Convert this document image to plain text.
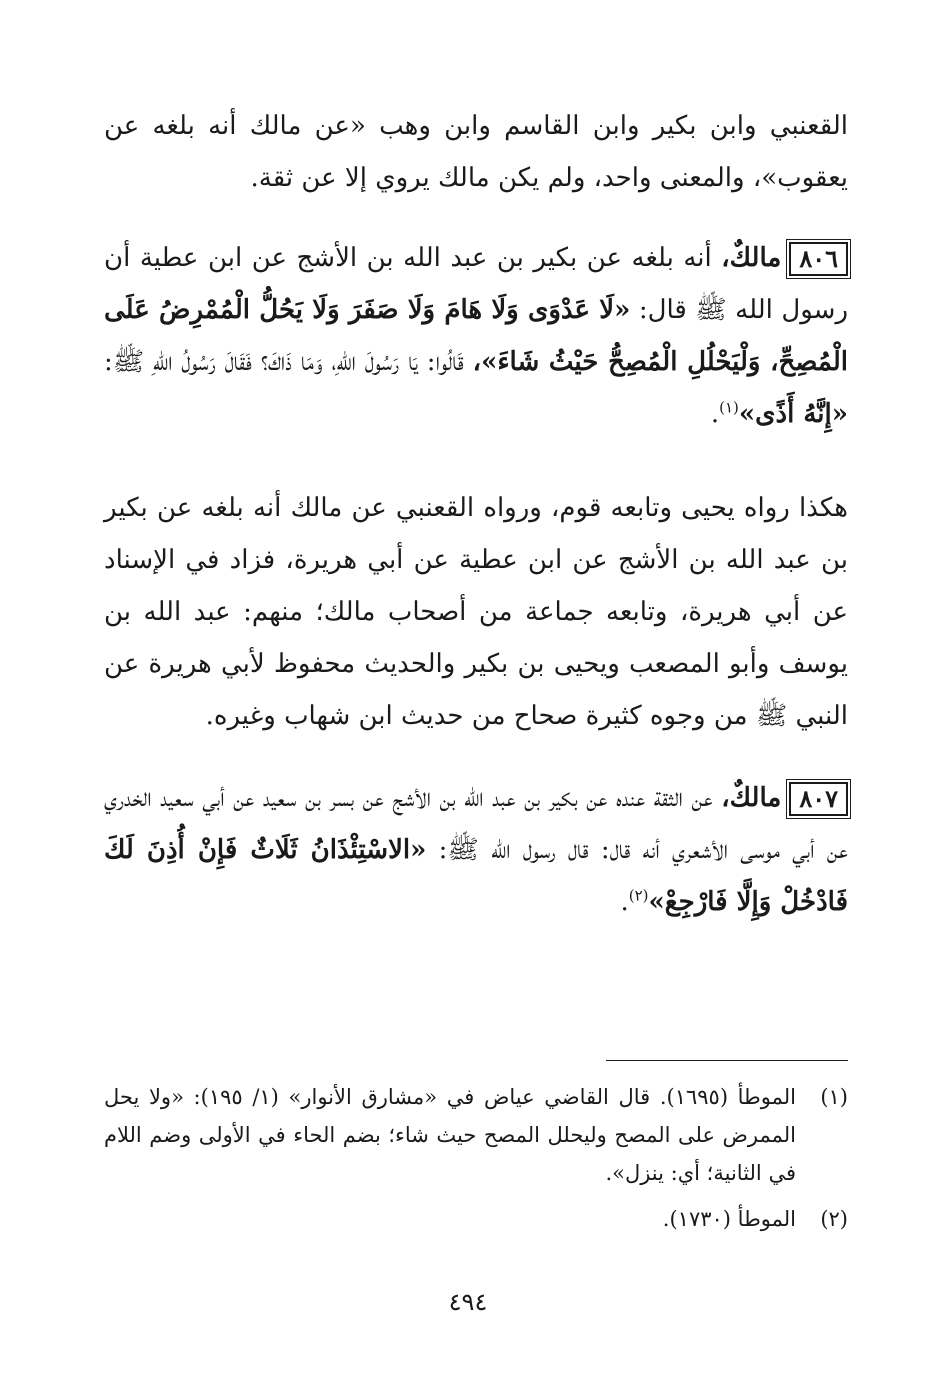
القعنبي وابن بكير وابن القاسم وابن وهب «عن مالك أنه بلغه عن يعقوب»، والمعنى واحد، ولم يكن مالك يروي إلا عن ثقة.

٨٠٦مالكٌ، أنه بلغه عن بكير بن عبد الله بن الأشج عن ابن عطية أن رسول الله ﷺ قال: «لَا عَدْوَى وَلَا هَامَ وَلَا صَفَرَ وَلَا يَحُلُّ الْمُمْرِضُ عَلَى الْمُصِحِّ، وَلْيَحْلُلِ الْمُصِحُّ حَيْثُ شَاءَ»، قَالُوا: يَا رَسُولَ اللهِ، وَمَا ذَاكَ؟ فَقَالَ رَسُولُ اللهِ ﷺ: «إِنَّهُ أَذًى»$^{(١)}$.

هكذا رواه يحيى وتابعه قوم، ورواه القعنبي عن مالك أنه بلغه عن بكير بن عبد الله بن الأشج عن ابن عطية عن أبي هريرة، فزاد في الإسناد عن أبي هريرة، وتابعه جماعة من أصحاب مالك؛ منهم: عبد الله بن يوسف وأبو المصعب ويحيى بن بكير والحديث محفوظ لأبي هريرة عن النبي ﷺ من وجوه كثيرة صحاح من حديث ابن شهاب وغيره.

٨٠٧مالكٌ، عن الثقة عنده عن بكير بن عبد الله بن الأشج عن بسر بن سعيد عن أبي سعيد الخدري عن أبي موسى الأشعري أنه قال: قال رسول الله ﷺ: «الاسْتِئْذَانُ ثَلَاثٌ فَإِنْ أُذِنَ لَكَ فَادْخُلْ وَإِلَّا فَارْجِعْ»$^{(٢)}$.

(١)
الموطأ (١٦٩٥). قال القاضي عياض في «مشارق الأنوار» (١/ ١٩٥): «ولا يحل الممرض على المصح وليحلل المصح حيث شاء؛ بضم الحاء في الأولى وضم اللام في الثانية؛ أي: ينزل».
(٢)
الموطأ (١٧٣٠).
٤٩٤
